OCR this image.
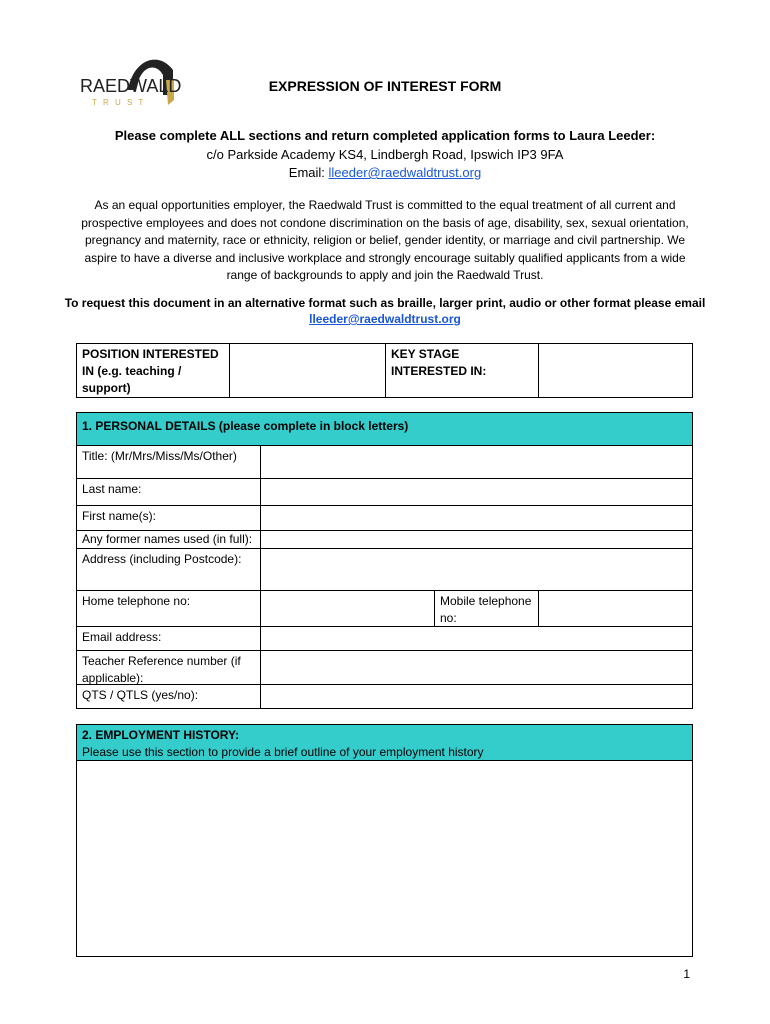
RAEDWALD
T R U S T
EXPRESSION OF INTEREST FORM
Please complete ALL sections and return completed application forms to Laura Leeder:
c/o Parkside Academy KS4, Lindbergh Road, Ipswich IP3 9FA
Email: lleeder@raedwaldtrust.org
As an equal opportunities employer, the Raedwald Trust is committed to the equal treatment of all current and prospective employees and does not condone discrimination on the basis of age, disability, sex, sexual orientation, pregnancy and maternity, race or ethnicity, religion or belief, gender identity, or marriage and civil partnership. We aspire to have a diverse and inclusive workplace and strongly encourage suitably qualified applicants from a wide range of backgrounds to apply and join the Raedwald Trust.
To request this document in an alternative format such as braille, larger print, audio or other format please email
lleeder@raedwaldtrust.org
POSITION INTERESTED IN (e.g. teaching / support)
KEY STAGE INTERESTED IN:
1. PERSONAL DETAILS (please complete in block letters)
Title: (Mr/Mrs/Miss/Ms/Other)
Last name:
First name(s):
Any former names used (in full):
Address (including Postcode):
Home telephone no:	Mobile telephone no:
Email address:
Teacher Reference number (if applicable):
QTS / QTLS (yes/no):
2. EMPLOYMENT HISTORY:
Please use this section to provide a brief outline of your employment history
1
